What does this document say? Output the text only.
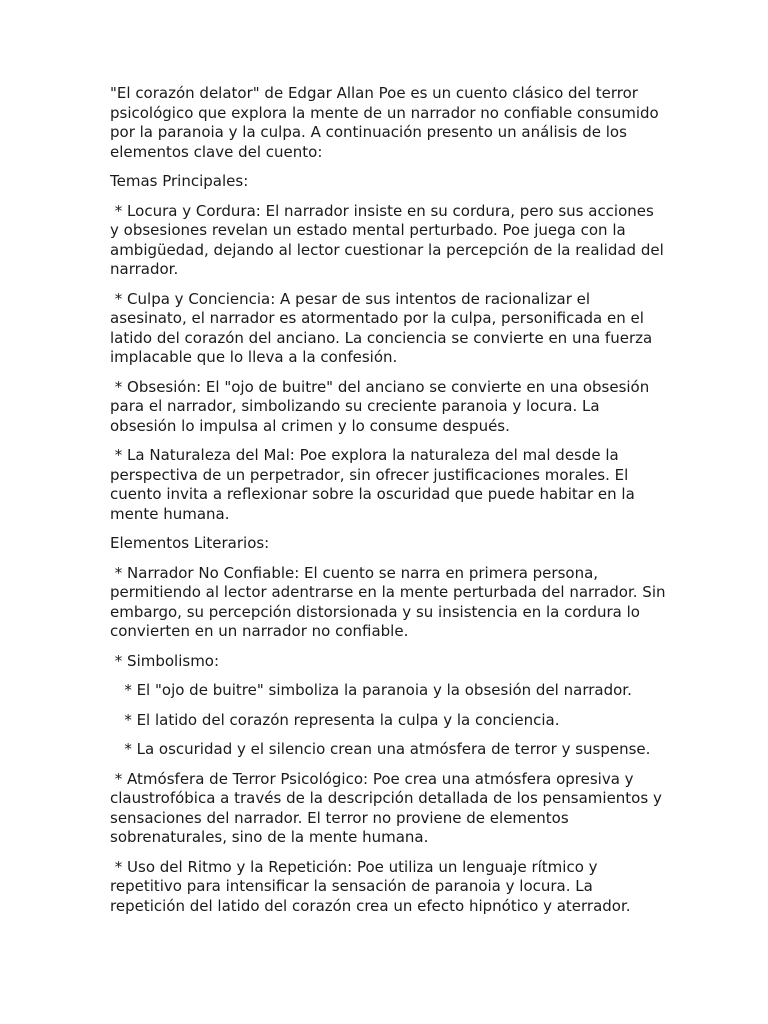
"El corazón delator" de Edgar Allan Poe es un cuento clásico del terror psicológico que explora la mente de un narrador no confiable consumido por la paranoia y la culpa. A continuación presento un análisis de los elementos clave del cuento:

Temas Principales:

* Locura y Cordura: El narrador insiste en su cordura, pero sus acciones y obsesiones revelan un estado mental perturbado. Poe juega con la ambigüedad, dejando al lector cuestionar la percepción de la realidad del narrador.

* Culpa y Conciencia: A pesar de sus intentos de racionalizar el asesinato, el narrador es atormentado por la culpa, personificada en el latido del corazón del anciano. La conciencia se convierte en una fuerza implacable que lo lleva a la confesión.

* Obsesión: El "ojo de buitre" del anciano se convierte en una obsesión para el narrador, simbolizando su creciente paranoia y locura. La obsesión lo impulsa al crimen y lo consume después.

* La Naturaleza del Mal: Poe explora la naturaleza del mal desde la perspectiva de un perpetrador, sin ofrecer justificaciones morales. El cuento invita a reflexionar sobre la oscuridad que puede habitar en la mente humana.

Elementos Literarios:

* Narrador No Confiable: El cuento se narra en primera persona, permitiendo al lector adentrarse en la mente perturbada del narrador. Sin embargo, su percepción distorsionada y su insistencia en la cordura lo convierten en un narrador no confiable.

* Simbolismo:

* El "ojo de buitre" simboliza la paranoia y la obsesión del narrador.

* El latido del corazón representa la culpa y la conciencia.

* La oscuridad y el silencio crean una atmósfera de terror y suspense.

* Atmósfera de Terror Psicológico: Poe crea una atmósfera opresiva y claustrofóbica a través de la descripción detallada de los pensamientos y sensaciones del narrador. El terror no proviene de elementos sobrenaturales, sino de la mente humana.

* Uso del Ritmo y la Repetición: Poe utiliza un lenguaje rítmico y repetitivo para intensificar la sensación de paranoia y locura. La repetición del latido del corazón crea un efecto hipnótico y aterrador.
